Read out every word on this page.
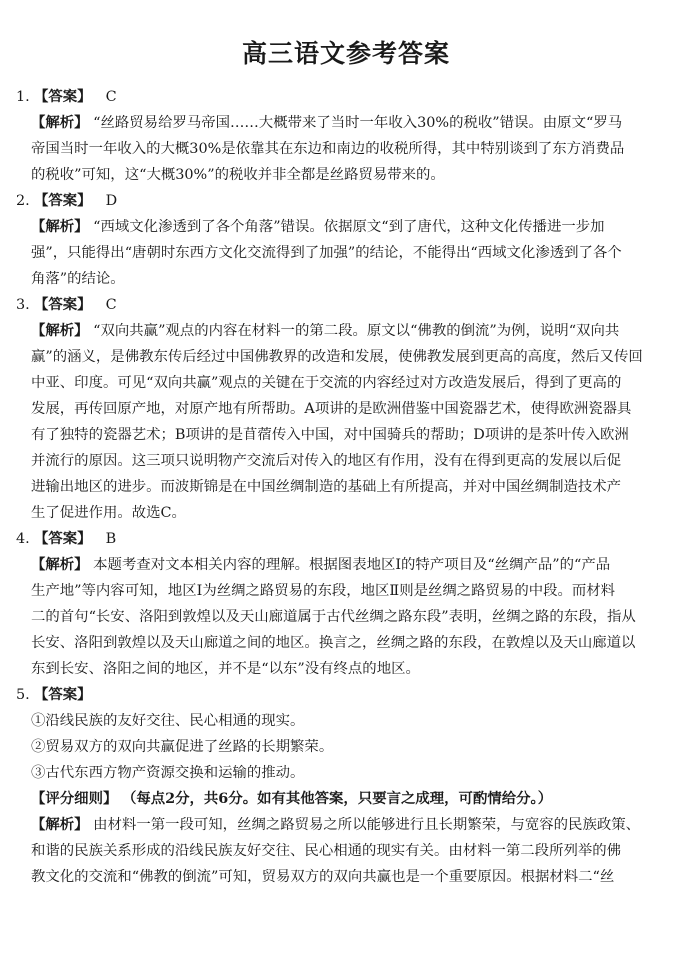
高三语文参考答案
1. 【答案】 C
【解析】 “丝路贸易给罗马帝国……大概带来了当时一年收入30%的税收”错误。由原文“罗马
帝国当时一年收入的大概30%是依靠其在东边和南边的收税所得，其中特别谈到了东方消费品
的税收”可知，这“大概30%”的税收并非全都是丝路贸易带来的。
2. 【答案】 D
【解析】 “西域文化渗透到了各个角落”错误。依据原文“到了唐代，这种文化传播进一步加
强”，只能得出“唐朝时东西方文化交流得到了加强”的结论，不能得出“西域文化渗透到了各个
角落”的结论。
3. 【答案】 C
【解析】 “双向共赢”观点的内容在材料一的第二段。原文以“佛教的倒流”为例，说明“双向共
赢”的涵义，是佛教东传后经过中国佛教界的改造和发展，使佛教发展到更高的高度，然后又传回
中亚、印度。可见“双向共赢”观点的关键在于交流的内容经过对方改造发展后，得到了更高的
发展，再传回原产地，对原产地有所帮助。A项讲的是欧洲借鉴中国瓷器艺术，使得欧洲瓷器具
有了独特的瓷器艺术；B项讲的是苜蓿传入中国，对中国骑兵的帮助；D项讲的是茶叶传入欧洲
并流行的原因。这三项只说明物产交流后对传入的地区有作用，没有在得到更高的发展以后促
进输出地区的进步。而波斯锦是在中国丝绸制造的基础上有所提高，并对中国丝绸制造技术产
生了促进作用。故选C。
4. 【答案】 B
【解析】 本题考查对文本相关内容的理解。根据图表地区Ⅰ的特产项目及“丝绸产品”的“产品
生产地”等内容可知，地区Ⅰ为丝绸之路贸易的东段，地区Ⅱ则是丝绸之路贸易的中段。而材料
二的首句“长安、洛阳到敦煌以及天山廊道属于古代丝绸之路东段”表明，丝绸之路的东段，指从
长安、洛阳到敦煌以及天山廊道之间的地区。换言之，丝绸之路的东段，在敦煌以及天山廊道以
东到长安、洛阳之间的地区，并不是“以东”没有终点的地区。
5. 【答案】
①沿线民族的友好交往、民心相通的现实。
②贸易双方的双向共赢促进了丝路的长期繁荣。
③古代东西方物产资源交换和运输的推动。
【评分细则】 （每点2分，共6分。如有其他答案，只要言之成理，可酌情给分。）
【解析】 由材料一第一段可知，丝绸之路贸易之所以能够进行且长期繁荣，与宽容的民族政策、
和谐的民族关系形成的沿线民族友好交往、民心相通的现实有关。由材料一第二段所列举的佛
教文化的交流和“佛教的倒流”可知，贸易双方的双向共赢也是一个重要原因。根据材料二“丝
